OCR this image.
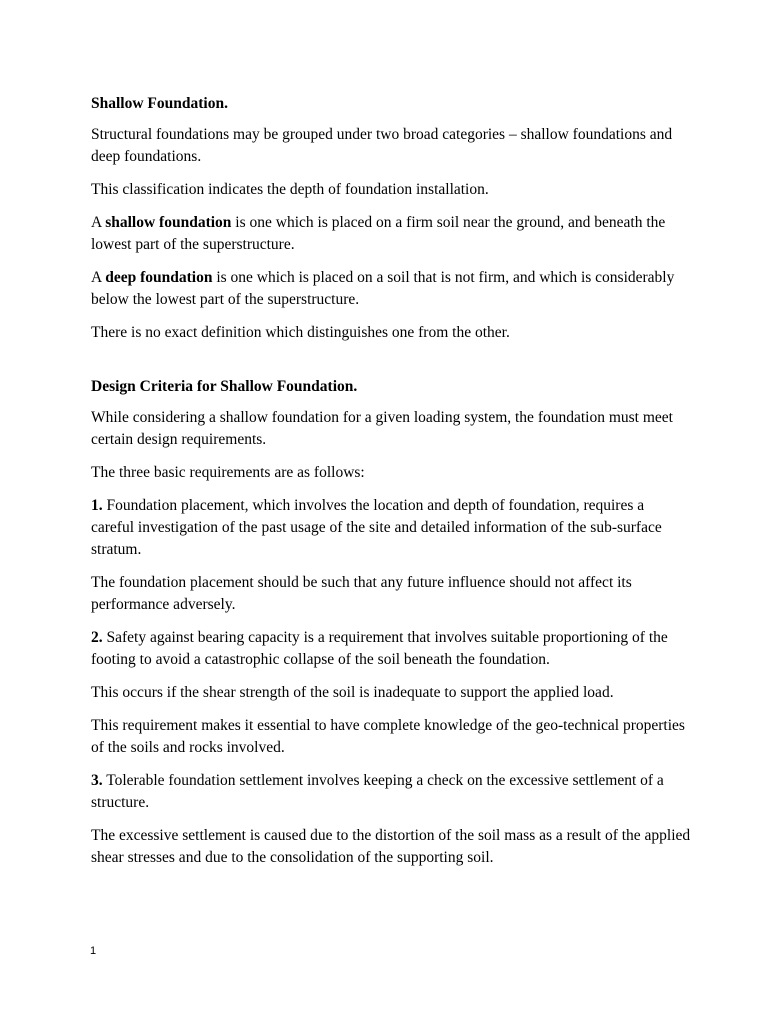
Shallow Foundation.

Structural foundations may be grouped under two broad categories – shallow foundations and deep foundations.

This classification indicates the depth of foundation installation.

A shallow foundation is one which is placed on a firm soil near the ground, and beneath the lowest part of the superstructure.

A deep foundation is one which is placed on a soil that is not firm, and which is considerably below the lowest part of the superstructure.

There is no exact definition which distinguishes one from the other.

Design Criteria for Shallow Foundation.

While considering a shallow foundation for a given loading system, the foundation must meet certain design requirements.

The three basic requirements are as follows:

1. Foundation placement, which involves the location and depth of foundation, requires a careful investigation of the past usage of the site and detailed information of the sub-surface stratum.

The foundation placement should be such that any future influence should not affect its performance adversely.

2. Safety against bearing capacity is a requirement that involves suitable proportioning of the footing to avoid a catastrophic collapse of the soil beneath the foundation.

This occurs if the shear strength of the soil is inadequate to support the applied load.

This requirement makes it essential to have complete knowledge of the geo-technical properties of the soils and rocks involved.

3. Tolerable foundation settlement involves keeping a check on the excessive settlement of a structure.

The excessive settlement is caused due to the distortion of the soil mass as a result of the applied shear stresses and due to the consolidation of the supporting soil.

1
